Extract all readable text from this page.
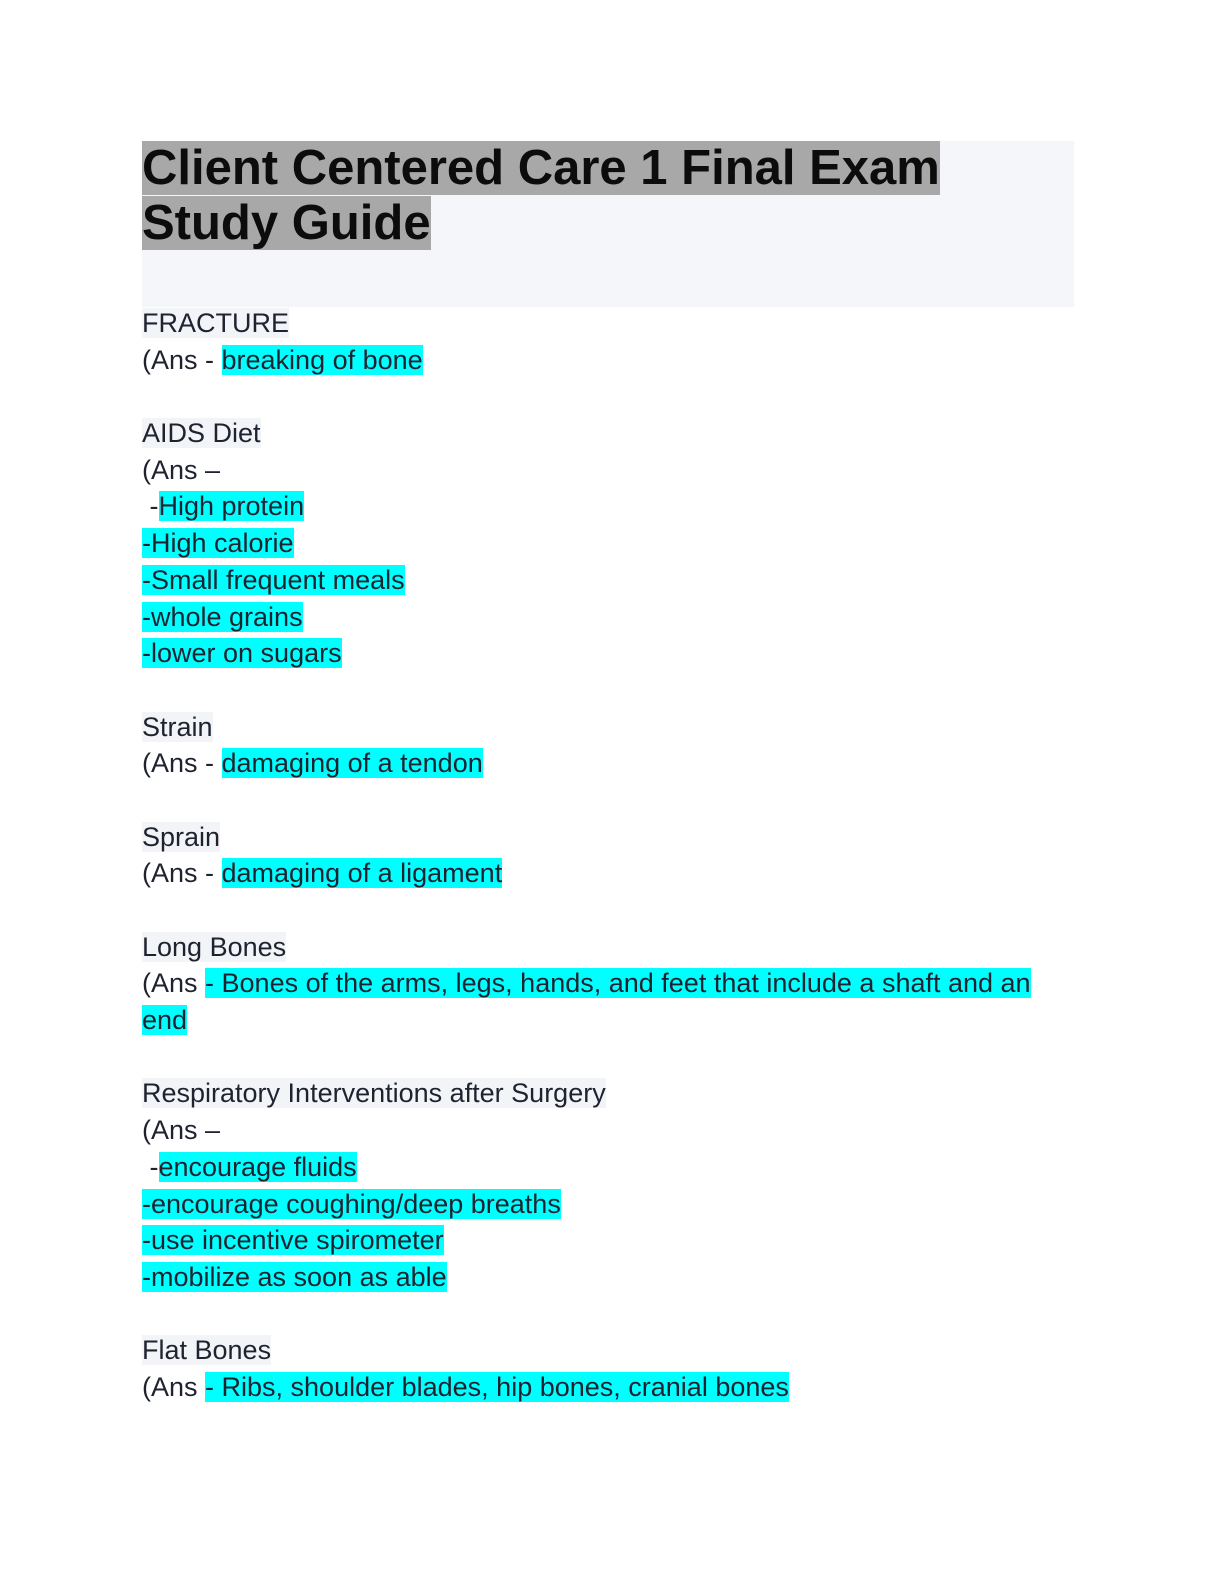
Client Centered Care 1 Final Exam Study Guide
FRACTURE
(Ans - breaking of bone
AIDS Diet
(Ans –
-High protein
-High calorie
-Small frequent meals
-whole grains
-lower on sugars
Strain
(Ans - damaging of a tendon
Sprain
(Ans - damaging of a ligament
Long Bones
(Ans - Bones of the arms, legs, hands, and feet that include a shaft and an
end
Respiratory Interventions after Surgery
(Ans –
-encourage fluids
-encourage coughing/deep breaths
-use incentive spirometer
-mobilize as soon as able
Flat Bones
(Ans - Ribs, shoulder blades, hip bones, cranial bones
